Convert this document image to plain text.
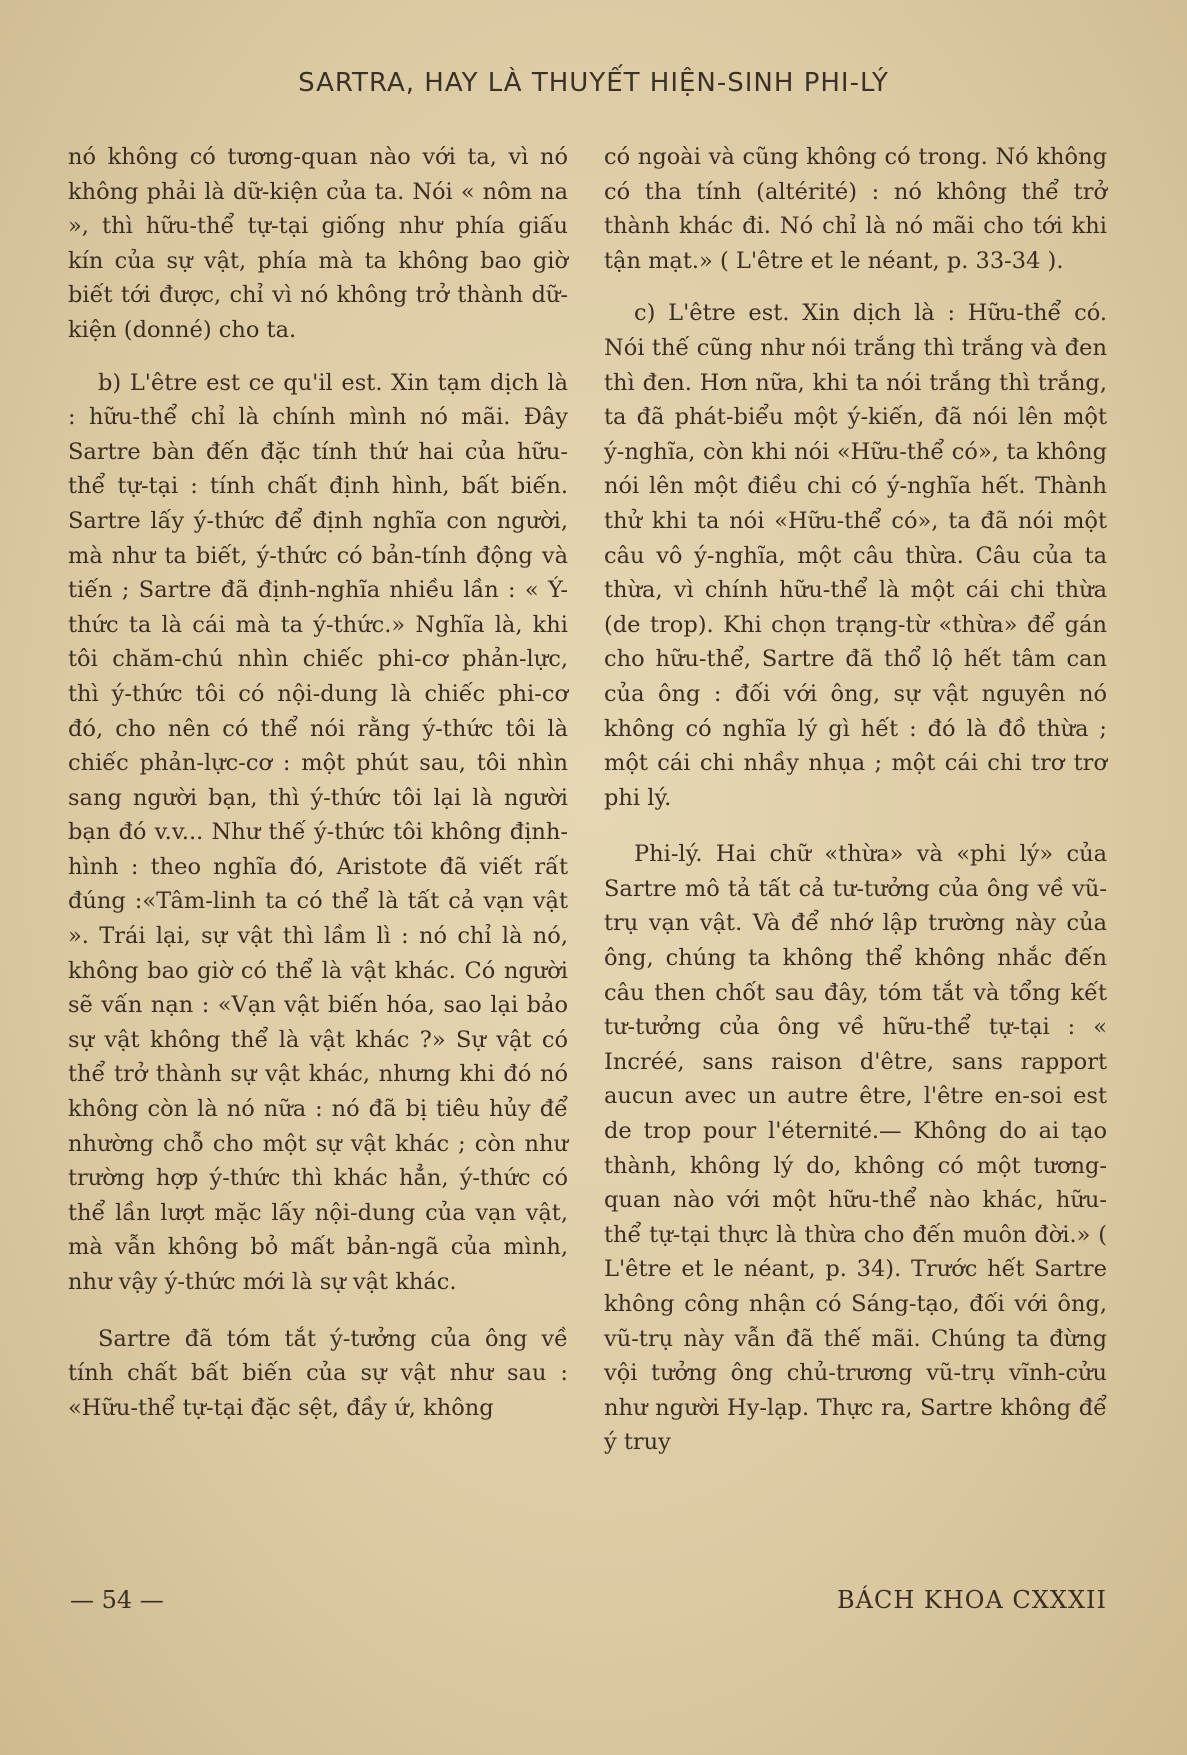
SARTRA, HAY LÀ THUYẾT HIỆN-SINH PHI-LÝ

nó không có tương-quan nào với ta, vì nó không phải là dữ-kiện của ta. Nói « nôm na », thì hữu-thể tự-tại giống như phía giấu kín của sự vật, phía mà ta không bao giờ biết tới được, chỉ vì nó không trở thành dữ-kiện (donné) cho ta.

b) L'être est ce qu'il est. Xin tạm dịch là : hữu-thể chỉ là chính mình nó mãi. Đây Sartre bàn đến đặc tính thứ hai của hữu-thể tự-tại : tính chất định hình, bất biến. Sartre lấy ý-thức để định nghĩa con người, mà như ta biết, ý-thức có bản-tính động và tiến ; Sartre đã định-nghĩa nhiều lần : « Ý-thức ta là cái mà ta ý-thức.» Nghĩa là, khi tôi chăm-chú nhìn chiếc phi-cơ phản-lực, thì ý-thức tôi có nội-dung là chiếc phi-cơ đó, cho nên có thể nói rằng ý-thức tôi là chiếc phản-lực-cơ : một phút sau, tôi nhìn sang người bạn, thì ý-thức tôi lại là người bạn đó v.v... Như thế ý-thức tôi không định-hình : theo nghĩa đó, Aristote đã viết rất đúng :«Tâm-linh ta có thể là tất cả vạn vật ». Trái lại, sự vật thì lầm lì : nó chỉ là nó, không bao giờ có thể là vật khác. Có người sẽ vấn nạn : «Vạn vật biến hóa, sao lại bảo sự vật không thể là vật khác ?» Sự vật có thể trở thành sự vật khác, nhưng khi đó nó không còn là nó nữa : nó đã bị tiêu hủy để nhường chỗ cho một sự vật khác ; còn như trường hợp ý-thức thì khác hẳn, ý-thức có thể lần lượt mặc lấy nội-dung của vạn vật, mà vẫn không bỏ mất bản-ngã của mình, như vậy ý-thức mới là sự vật khác.

Sartre đã tóm tắt ý-tưởng của ông về tính chất bất biến của sự vật như sau : «Hữu-thể tự-tại đặc sệt, đầy ứ, không

có ngoài và cũng không có trong. Nó không có tha tính (altérité) : nó không thể trở thành khác đi. Nó chỉ là nó mãi cho tới khi tận mạt.» ( L'être et le néant, p. 33-34 ).

c) L'être est. Xin dịch là : Hữu-thể có. Nói thế cũng như nói trắng thì trắng và đen thì đen. Hơn nữa, khi ta nói trắng thì trắng, ta đã phát-biểu một ý-kiến, đã nói lên một ý-nghĩa, còn khi nói «Hữu-thể có», ta không nói lên một điều chi có ý-nghĩa hết. Thành thử khi ta nói «Hữu-thể có», ta đã nói một câu vô ý-nghĩa, một câu thừa. Câu của ta thừa, vì chính hữu-thể là một cái chi thừa (de trop). Khi chọn trạng-từ «thừa» để gán cho hữu-thể, Sartre đã thổ lộ hết tâm can của ông : đối với ông, sự vật nguyên nó không có nghĩa lý gì hết : đó là đồ thừa ; một cái chi nhầy nhụa ; một cái chi trơ trơ phi lý.

Phi-lý. Hai chữ «thừa» và «phi lý» của Sartre mô tả tất cả tư-tưởng của ông về vũ-trụ vạn vật. Và để nhớ lập trường này của ông, chúng ta không thể không nhắc đến câu then chốt sau đây, tóm tắt và tổng kết tư-tưởng của ông về hữu-thể tự-tại : « Incréé, sans raison d'être, sans rapport aucun avec un autre être, l'être en-soi est de trop pour l'éternité.— Không do ai tạo thành, không lý do, không có một tương-quan nào với một hữu-thể nào khác, hữu-thể tự-tại thực là thừa cho đến muôn đời.» ( L'être et le néant, p. 34). Trước hết Sartre không công nhận có Sáng-tạo, đối với ông, vũ-trụ này vẫn đã thế mãi. Chúng ta đừng vội tưởng ông chủ-trương vũ-trụ vĩnh-cửu như người Hy-lạp. Thực ra, Sartre không để ý truy

— 54 —	BÁCH KHOA CXXXII
